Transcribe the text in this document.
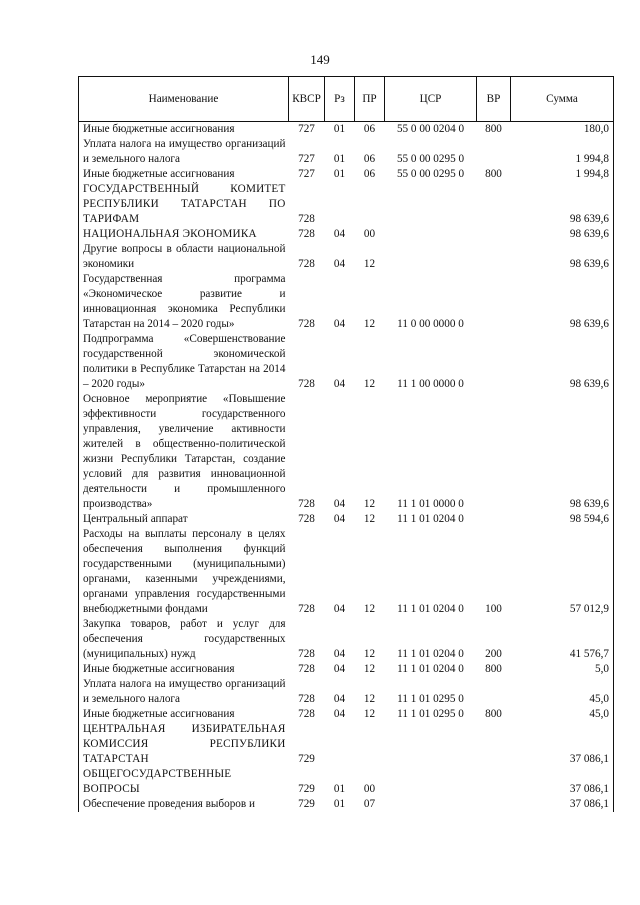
149
Наименование	КВСР	Рз	ПР	ЦСР	ВР	Сумма
Иные бюджетные ассигнования	727	01	06	55 0 00 0204 0	800	180,0
Уплата налога на имущество организаций и земельного налога	727	01	06	55 0 00 0295 0		1 994,8
Иные бюджетные ассигнования	727	01	06	55 0 00 0295 0	800	1 994,8
ГОСУДАРСТВЕННЫЙ КОМИТЕТ РЕСПУБЛИКИ ТАТАРСТАН ПО ТАРИФАМ	728					98 639,6
НАЦИОНАЛЬНАЯ ЭКОНОМИКА	728	04	00			98 639,6
Другие вопросы в области национальной экономики	728	04	12			98 639,6
Государственная программа «Экономическое развитие и инновационная экономика Республики Татарстан на 2014 – 2020 годы»	728	04	12	11 0 00 0000 0		98 639,6
Подпрограмма «Совершенствование государственной экономической политики в Республике Татарстан на 2014 – 2020 годы»	728	04	12	11 1 00 0000 0		98 639,6
Основное мероприятие «Повышение эффективности государственного управления, увеличение активности жителей в общественно-политической жизни Республики Татарстан, создание условий для развития инновационной деятельности и промышленного производства»	728	04	12	11 1 01 0000 0		98 639,6
Центральный аппарат	728	04	12	11 1 01 0204 0		98 594,6
Расходы на выплаты персоналу в целях обеспечения выполнения функций государственными (муниципальными) органами, казенными учреждениями, органами управления государственными внебюджетными фондами	728	04	12	11 1 01 0204 0	100	57 012,9
Закупка товаров, работ и услуг для обеспечения государственных (муниципальных) нужд	728	04	12	11 1 01 0204 0	200	41 576,7
Иные бюджетные ассигнования	728	04	12	11 1 01 0204 0	800	5,0
Уплата налога на имущество организаций и земельного налога	728	04	12	11 1 01 0295 0		45,0
Иные бюджетные ассигнования	728	04	12	11 1 01 0295 0	800	45,0
ЦЕНТРАЛЬНАЯ ИЗБИРАТЕЛЬНАЯ КОМИССИЯ РЕСПУБЛИКИ ТАТАРСТАН	729					37 086,1
ОБЩЕГОСУДАРСТВЕННЫЕ ВОПРОСЫ	729	01	00			37 086,1
Обеспечение проведения выборов и	729	01	07			37 086,1
